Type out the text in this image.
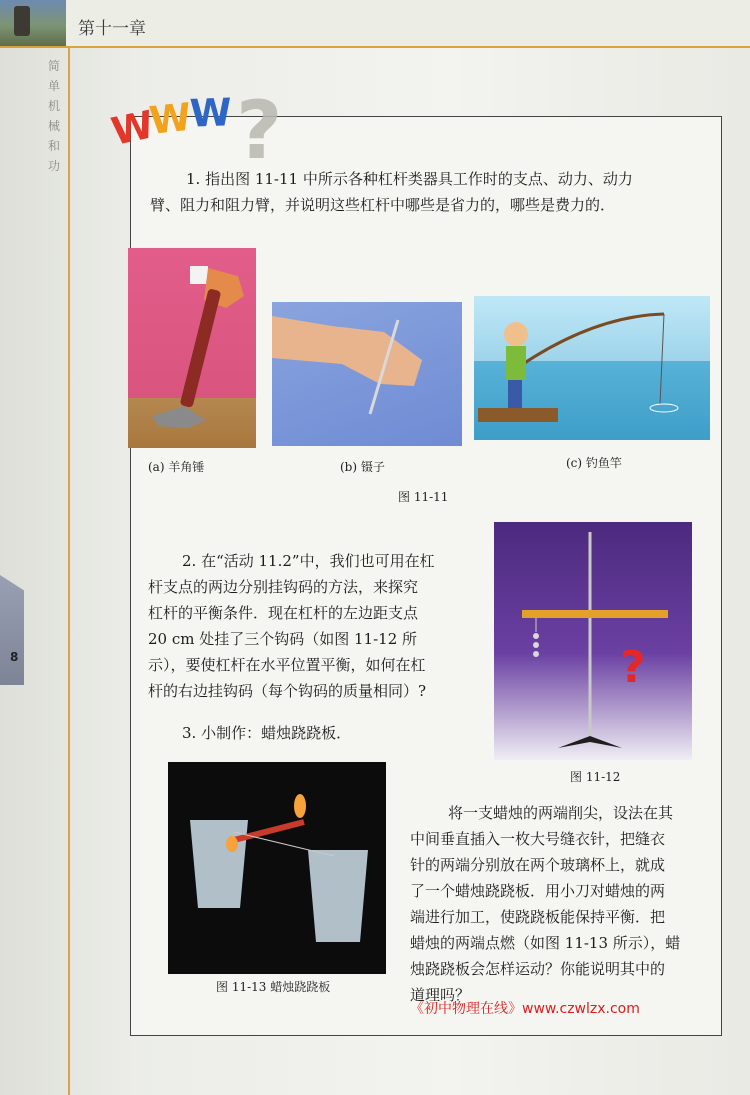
第十一章
简
单
机
械
和
功
8
?
W
W
W

1. 指出图 11-11 中所示各种杠杆类器具工作时的支点、动力、动力

臂、阻力和阻力臂，并说明这些杠杆中哪些是省力的，哪些是费力的．

(a) 羊角锤	(b) 镊子	(c) 钓鱼竿
图 11-11

2. 在“活动 11.2”中，我们也可用在杠

杆支点的两边分别挂钩码的方法，来探究

杠杆的平衡条件．现在杠杆的左边距支点

20 cm 处挂了三个钩码（如图 11-12 所

示），要使杠杆在水平位置平衡，如何在杠

杆的右边挂钩码（每个钩码的质量相同）?	?
图 11-12

3. 小制作：蜡烛跷跷板．

图 11-13 蜡烛跷跷板

将一支蜡烛的两端削尖，设法在其

中间垂直插入一枚大号缝衣针，把缝衣

针的两端分别放在两个玻璃杯上，就成

了一个蜡烛跷跷板．用小刀对蜡烛的两

端进行加工，使跷跷板能保持平衡．把

蜡烛的两端点燃（如图 11-13 所示），蜡

烛跷跷板会怎样运动？你能说明其中的

道理吗？

《初中物理在线》www.czwlzx.com
